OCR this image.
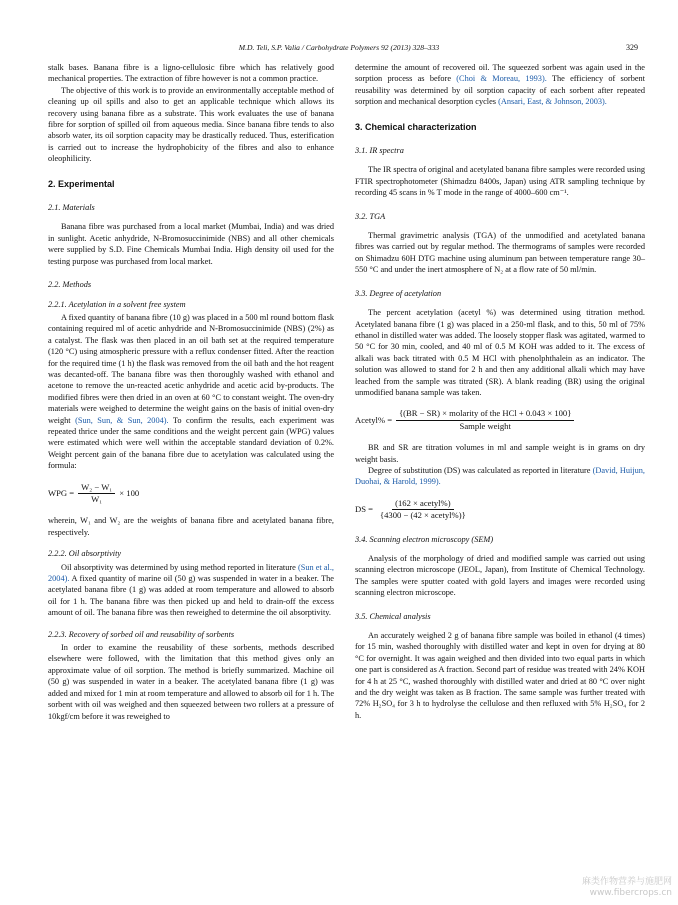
M.D. Teli, S.P. Valia / Carbohydrate Polymers 92 (2013) 328–333	329

stalk bases. Banana fibre is a ligno-cellulosic fibre which has relatively good mechanical properties. The extraction of fibre however is not a common practice.

The objective of this work is to provide an environmentally acceptable method of cleaning up oil spills and also to get an applicable technique which allows its recovery using banana fibre as a substrate. This work evaluates the use of banana fibre for sorption of spilled oil from aqueous media. Since banana fibre tends to also absorb water, its oil sorption capacity may be drastically reduced. Thus, esterification is carried out to increase the hydrophobicity of the fibres and also to enhance oleophilicity.

2. Experimental
2.1. Materials

Banana fibre was purchased from a local market (Mumbai, India) and was dried in sunlight. Acetic anhydride, N-Bromosuccinimide (NBS) and all other chemicals were supplied by S.D. Fine Chemicals Mumbai India. High density oil used for the testing purpose was purchased from local market.

2.2. Methods
2.2.1. Acetylation in a solvent free system

A fixed quantity of banana fibre (10 g) was placed in a 500 ml round bottom flask containing required ml of acetic anhydride and N-Bromosuccinimide (NBS) (2%) as a catalyst. The flask was then placed in an oil bath set at the required temperature (120 °C) using atmospheric pressure with a reflux condenser fitted. After the reaction for the required time (1 h) the flask was removed from the oil bath and the hot reagent was decanted-off. The banana fibre was then thoroughly washed with ethanol and acetone to remove the un-reacted acetic anhydride and acetic acid by-products. The modified fibres were then dried in an oven at 60 °C to constant weight. The oven-dry materials were weighed to determine the weight gains on the basis of initial oven-dry weight (Sun, Sun, & Sun, 2004). To confirm the results, each experiment was repeated thrice under the same conditions and the weight percent gain (WPG) values were estimated which were well within the acceptable standard deviation of 0.2%. Weight percent gain of the banana fibre due to acetylation was calculated using the formula:

WPG = $\frac{\text{W₂ − W₁}}{\text{W₁}} \times 100$

wherein, W₁ and W₂ are the weights of banana fibre and acetylated banana fibre, respectively.

2.2.2. Oil absorptivity

Oil absorptivity was determined by using method reported in literature (Sun et al., 2004). A fixed quantity of marine oil (50 g) was suspended in water in a beaker. The acetylated banana fibre (1 g) was added at room temperature and allowed to absorb oil for 1 h. The banana fibre was then picked up and held to drain-off the excess amount of oil. The banana fibre was then reweighed to determine the oil absorptivity.

2.2.3. Recovery of sorbed oil and reusability of sorbents

In order to examine the reusability of these sorbents, methods described elsewhere were followed, with the limitation that this method gives only an approximate value of oil sorption. The method is briefly summarized. Machine oil (50 g) was suspended in water in a beaker. The acetylated banana fibre (1 g) was added and mixed for 1 min at room temperature and allowed to absorb oil for 1 h. The sorbent with oil was weighed and then squeezed between two rollers at a pressure of 10kgf/cm before it was reweighed to

determine the amount of recovered oil. The squeezed sorbent was again used in the sorption process as before (Choi & Moreau, 1993). The efficiency of sorbent reusability was determined by oil sorption capacity of each sorbent after repeated sorption and mechanical desorption cycles (Ansari, East, & Johnson, 2003).

3. Chemical characterization
3.1. IR spectra

The IR spectra of original and acetylated banana fibre samples were recorded using FTIR spectrophotometer (Shimadzu 8400s, Japan) using ATR sampling technique by recording 45 scans in % T mode in the range of 4000–600 cm⁻¹.

3.2. TGA

Thermal gravimetric analysis (TGA) of the unmodified and acetylated banana fibres was carried out by regular method. The thermograms of samples were recorded on Shimadzu 60H DTG machine using aluminum pan between temperature range 30–550 °C and under the inert atmosphere of N₂ at a flow rate of 50 ml/min.

3.3. Degree of acetylation

The percent acetylation (acetyl %) was determined using titration method. Acetylated banana fibre (1 g) was placed in a 250-ml flask, and to this, 50 ml of 75% ethanol in distilled water was added. The loosely stopper flask was agitated, warmed to 50 °C for 30 min, cooled, and 40 ml of 0.5 M KOH was added to it. The excess of alkali was back titrated with 0.5 M HCl with phenolphthalein as an indicator. The solution was allowed to stand for 2 h and then any additional alkali which may have leached from the sample was titrated (SR). A blank reading (BR) using the original unmodified banana sample was taken.

Acetyl% = $\frac{\text{\{(BR − SR) × molarity of the HCl + 0.043 × 100\}}}{\text{Sample weight}}$

BR and SR are titration volumes in ml and sample weight is in grams on dry weight basis.

Degree of substitution (DS) was calculated as reported in literature (David, Huijun, Duohai, & Harold, 1999).

DS = $\frac{\text{(162 × acetyl\%)}}{\text{\{4300 − (42 × acetyl\%)\}}}$
3.4. Scanning electron microscopy (SEM)

Analysis of the morphology of dried and modified sample was carried out using scanning electron microscope (JEOL, Japan), from Institute of Chemical Technology. The samples were sputter coated with gold layers and images were recorded using scanning electron microscope.

3.5. Chemical analysis

An accurately weighed 2 g of banana fibre sample was boiled in ethanol (4 times) for 15 min, washed thoroughly with distilled water and kept in oven for drying at 80 °C for overnight. It was again weighed and then divided into two equal parts in which one part is considered as A fraction. Second part of residue was treated with 24% KOH for 4 h at 25 °C, washed thoroughly with distilled water and dried at 80 °C over night and the dry weight was taken as B fraction. The same sample was further treated with 72% H₂SO₄ for 3 h to hydrolyse the cellulose and then refluxed with 5% H₂SO₄ for 2 h.

麻类作物营养与施肥网
www.fibercrops.cn
